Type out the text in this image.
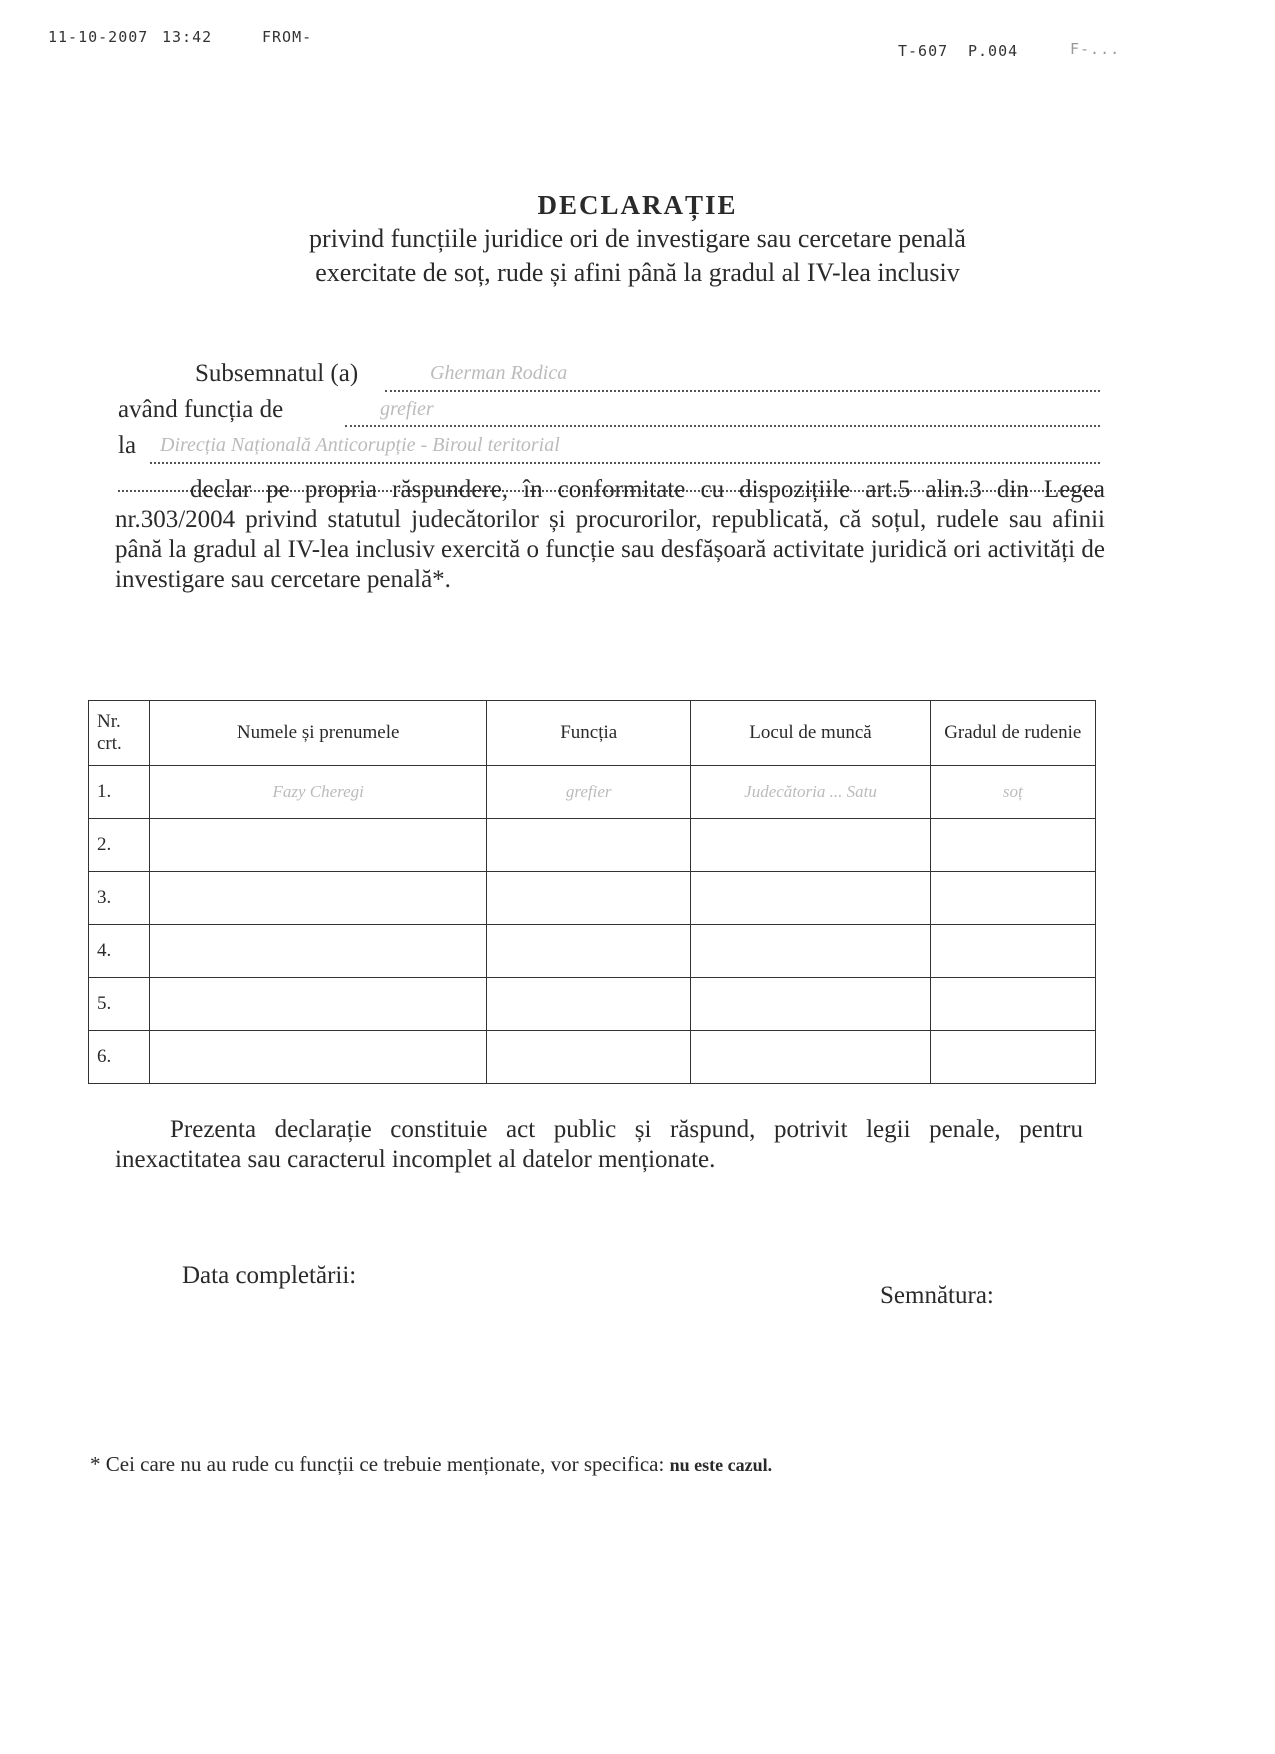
11-10-2007 13:42	FROM-
T-607 P.004	F-...
DECLARAȚIE
privind funcțiile juridice ori de investigare sau cercetare penală
exercitate de soț, rude și afini până la gradul al IV-lea inclusiv
Subsemnatul (a)	Gherman Rodica
având funcția de	grefier
la Direcția Națională Anticorupție - Biroul teritorial
declar pe propria răspundere, în conformitate cu dispozițiile art.5 alin.3 din Legea nr.303/2004 privind statutul judecătorilor și procurorilor, republicată, că soțul, rudele sau afinii până la gradul al IV-lea inclusiv exercită o funcție sau desfășoară activitate juridică ori activități de investigare sau cercetare penală*.
Nr. crt.	Numele și prenumele	Funcția	Locul de muncă	Gradul de rudenie
1.	Fazy Cheregi	grefier	Judecătoria ... Satu	soț
2.				
3.				
4.				
5.				
6.				
Prezenta declarație constituie act public și răspund, potrivit legii penale, pentru inexactitatea sau caracterul incomplet al datelor menționate.
Data completării:
Semnătura:
* Cei care nu au rude cu funcții ce trebuie menționate, vor specifica: nu este cazul.
